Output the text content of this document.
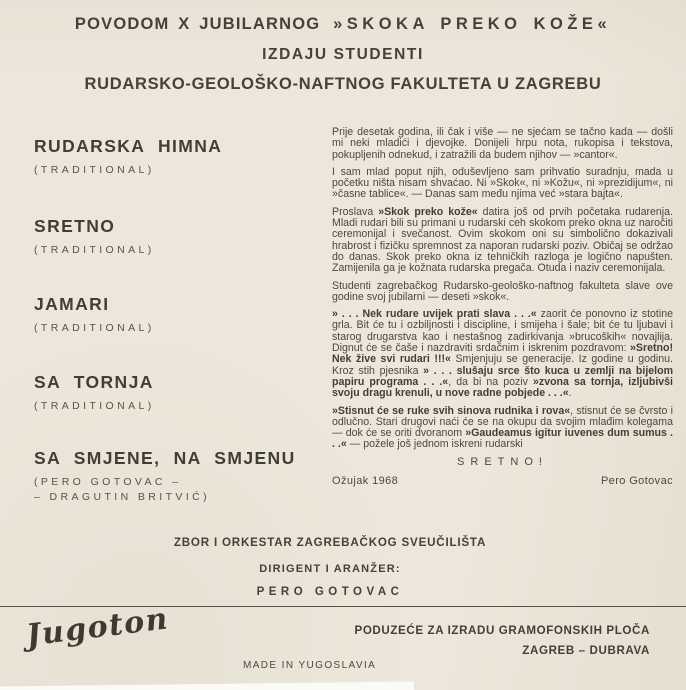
POVODOM X JUBILARNOG »SKOKA PREKO KOŽE«
IZDAJU STUDENTI
RUDARSKO-GEOLOŠKO-NAFTNOG FAKULTETA U ZAGREBU
RUDARSKA HIMNA
(TRADITIONAL)
SRETNO
(TRADITIONAL)
JAMARI
(TRADITIONAL)
SA TORNJA
(TRADITIONAL)
SA SMJENE, NA SMJENU
(PERO GOTOVAC –
– DRAGUTIN BRITVIĆ)

Prije desetak godina, ili čak i više — ne sjećam se tačno kada — došli mi neki mladići i djevojke. Donijeli hrpu nota, rukopisa i tekstova, pokupljenih odnekud, i zatražili da budem njihov — »cantor«.

I sam mlad poput njih, oduševljeno sam prihvatio suradnju, mada u početku ništa nisam shvaćao. Ni »Skok«, ni »Kožu«, ni »prezidijum«, ni »časne tablice«. — Danas sam među njima već »stara bajta«.

Proslava »Skok preko kože« datira još od prvih početaka rudarenja. Mladi rudari bili su primani u rudarski ceh skokom preko okna uz naročiti ceremonijal i svečanost. Ovim skokom oni su simbolično dokazivali hrabrost i fizičku spremnost za naporan rudarski poziv. Običaj se održao do danas. Skok preko okna iz tehničkih razloga je logično napušten. Zamijenila ga je kožnata rudarska pregača. Otuda i naziv ceremonijala.

Studenti zagrebačkog Rudarsko-geološko-naftnog fakulteta slave ove godine svoj jubilarni — deseti »skok«.

» . . . Nek rudare uvijek prati slava . . .« zaorit će ponovno iz stotine grla. Bit će tu i ozbiljnosti i discipline, i smijeha i šale; bit će tu ljubavi i starog drugarstva kao i nestašnog zadirkivanja »brucoških« novajlija. Dignut će se čaše i nazdraviti srdačnim i iskrenim pozdravom: »Sretno! Nek žive svi rudari !!!« Smjenjuju se generacije. Iz godine u godinu. Kroz stih pjesnika » . . . slušaju srce što kuca u zemlji na bijelom papiru programa . . .«, da bi na poziv »zvona sa tornja, izljubivši svoju dragu krenuli, u nove radne pobjede . . .«.

»Stisnut će se ruke svih sinova rudnika i rova«, stisnut će se čvrsto i odlučno. Stari drugovi naći će se na okupu da svojim mlađim kolegama — dok će se oriti dvoranom »Gaudeamus igitur iuvenes dum sumus . . .« — požele još jednom iskreni rudarski

SRETNO!
Ožujak 1968	Pero Gotovac
ZBOR I ORKESTAR ZAGREBAČKOG SVEUČILIŠTA
DIRIGENT I ARANŽER:
PERO GOTOVAC
Jugoton
MADE IN YUGOSLAVIA
PODUZEĆE ZA IZRADU GRAMOFONSKIH PLOČA
ZAGREB – DUBRAVA
